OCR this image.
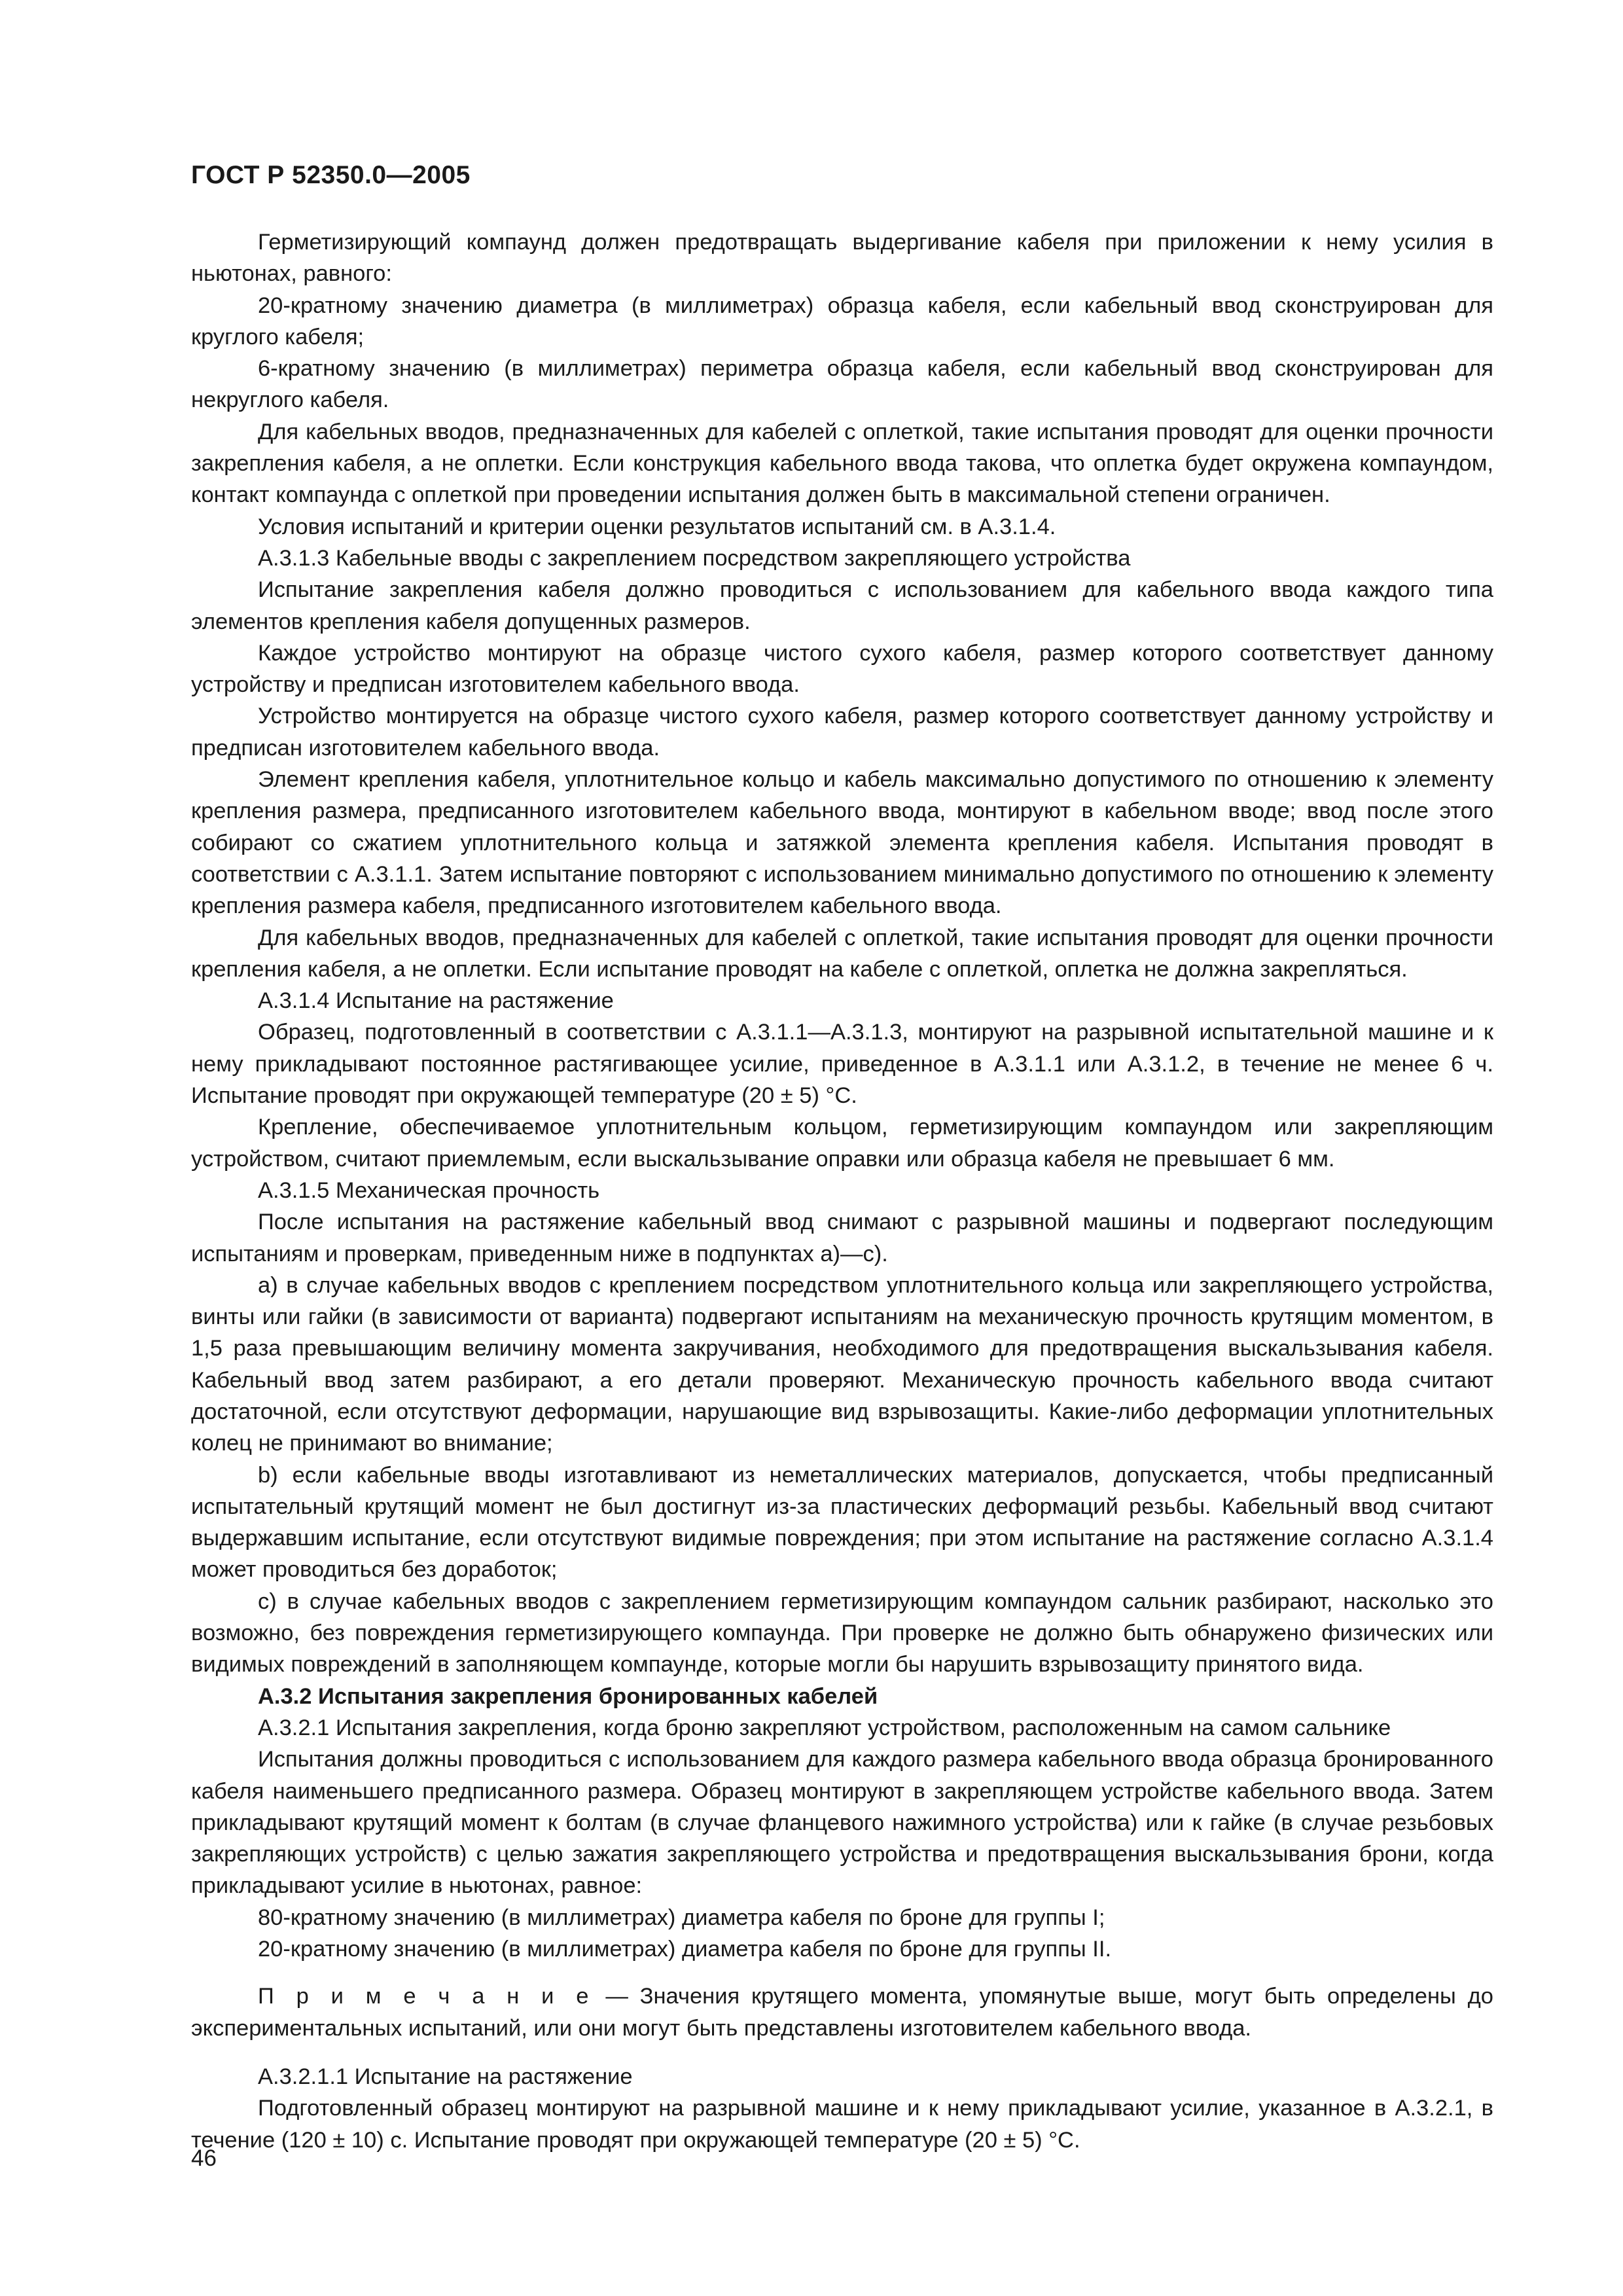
ГОСТ Р 52350.0—2005

Герметизирующий компаунд должен предотвращать выдергивание кабеля при приложении к нему усилия в ньютонах, равного:

20-кратному значению диаметра (в миллиметрах) образца кабеля, если кабельный ввод сконструирован для круглого кабеля;

6-кратному значению (в миллиметрах) периметра образца кабеля, если кабельный ввод сконструирован для некруглого кабеля.

Для кабельных вводов, предназначенных для кабелей с оплеткой, такие испытания проводят для оценки прочности закрепления кабеля, а не оплетки. Если конструкция кабельного ввода такова, что оплетка будет окружена компаундом, контакт компаунда с оплеткой при проведении испытания должен быть в максимальной степени ограничен.

Условия испытаний и критерии оценки результатов испытаний см. в А.3.1.4.

А.3.1.3 Кабельные вводы с закреплением посредством закрепляющего устройства

Испытание закрепления кабеля должно проводиться с использованием для кабельного ввода каждого типа элементов крепления кабеля допущенных размеров.

Каждое устройство монтируют на образце чистого сухого кабеля, размер которого соответствует данному устройству и предписан изготовителем кабельного ввода.

Устройство монтируется на образце чистого сухого кабеля, размер которого соответствует данному устройству и предписан изготовителем кабельного ввода.

Элемент крепления кабеля, уплотнительное кольцо и кабель максимально допустимого по отношению к элементу крепления размера, предписанного изготовителем кабельного ввода, монтируют в кабельном вводе; ввод после этого собирают со сжатием уплотнительного кольца и затяжкой элемента крепления кабеля. Испытания проводят в соответствии с А.3.1.1. Затем испытание повторяют с использованием минимально допустимого по отношению к элементу крепления размера кабеля, предписанного изготовителем кабельного ввода.

Для кабельных вводов, предназначенных для кабелей с оплеткой, такие испытания проводят для оценки прочности крепления кабеля, а не оплетки. Если испытание проводят на кабеле с оплеткой, оплетка не должна закрепляться.

А.3.1.4 Испытание на растяжение

Образец, подготовленный в соответствии с А.3.1.1—А.3.1.3, монтируют на разрывной испытательной машине и к нему прикладывают постоянное растягивающее усилие, приведенное в А.3.1.1 или А.3.1.2, в течение не менее 6 ч. Испытание проводят при окружающей температуре (20 ± 5) °С.

Крепление, обеспечиваемое уплотнительным кольцом, герметизирующим компаундом или закрепляющим устройством, считают приемлемым, если выскальзывание оправки или образца кабеля не превышает 6 мм.

А.3.1.5 Механическая прочность

После испытания на растяжение кабельный ввод снимают с разрывной машины и подвергают последующим испытаниям и проверкам, приведенным ниже в подпунктах а)—с).

а) в случае кабельных вводов с креплением посредством уплотнительного кольца или закрепляющего устройства, винты или гайки (в зависимости от варианта) подвергают испытаниям на механическую прочность крутящим моментом, в 1,5 раза превышающим величину момента закручивания, необходимого для предотвращения выскальзывания кабеля. Кабельный ввод затем разбирают, а его детали проверяют. Механическую прочность кабельного ввода считают достаточной, если отсутствуют деформации, нарушающие вид взрывозащиты. Какие-либо деформации уплотнительных колец не принимают во внимание;

b) если кабельные вводы изготавливают из неметаллических материалов, допускается, чтобы предписанный испытательный крутящий момент не был достигнут из-за пластических деформаций резьбы. Кабельный ввод считают выдержавшим испытание, если отсутствуют видимые повреждения; при этом испытание на растяжение согласно А.3.1.4 может проводиться без доработок;

с) в случае кабельных вводов с закреплением герметизирующим компаундом сальник разбирают, насколько это возможно, без повреждения герметизирующего компаунда. При проверке не должно быть обнаружено физических или видимых повреждений в заполняющем компаунде, которые могли бы нарушить взрывозащиту принятого вида.

А.3.2 Испытания закрепления бронированных кабелей

А.3.2.1 Испытания закрепления, когда броню закрепляют устройством, расположенным на самом сальнике

Испытания должны проводиться с использованием для каждого размера кабельного ввода образца бронированного кабеля наименьшего предписанного размера. Образец монтируют в закрепляющем устройстве кабельного ввода. Затем прикладывают крутящий момент к болтам (в случае фланцевого нажимного устройства) или к гайке (в случае резьбовых закрепляющих устройств) с целью зажатия закрепляющего устройства и предотвращения выскальзывания брони, когда прикладывают усилие в ньютонах, равное:

80-кратному значению (в миллиметрах) диаметра кабеля по броне для группы I;

20-кратному значению (в миллиметрах) диаметра кабеля по броне для группы II.

П р и м е ч а н и е — Значения крутящего момента, упомянутые выше, могут быть определены до экспериментальных испытаний, или они могут быть представлены изготовителем кабельного ввода.

А.3.2.1.1 Испытание на растяжение

Подготовленный образец монтируют на разрывной машине и к нему прикладывают усилие, указанное в А.3.2.1, в течение (120 ± 10) с. Испытание проводят при окружающей температуре (20 ± 5) °С.

46
